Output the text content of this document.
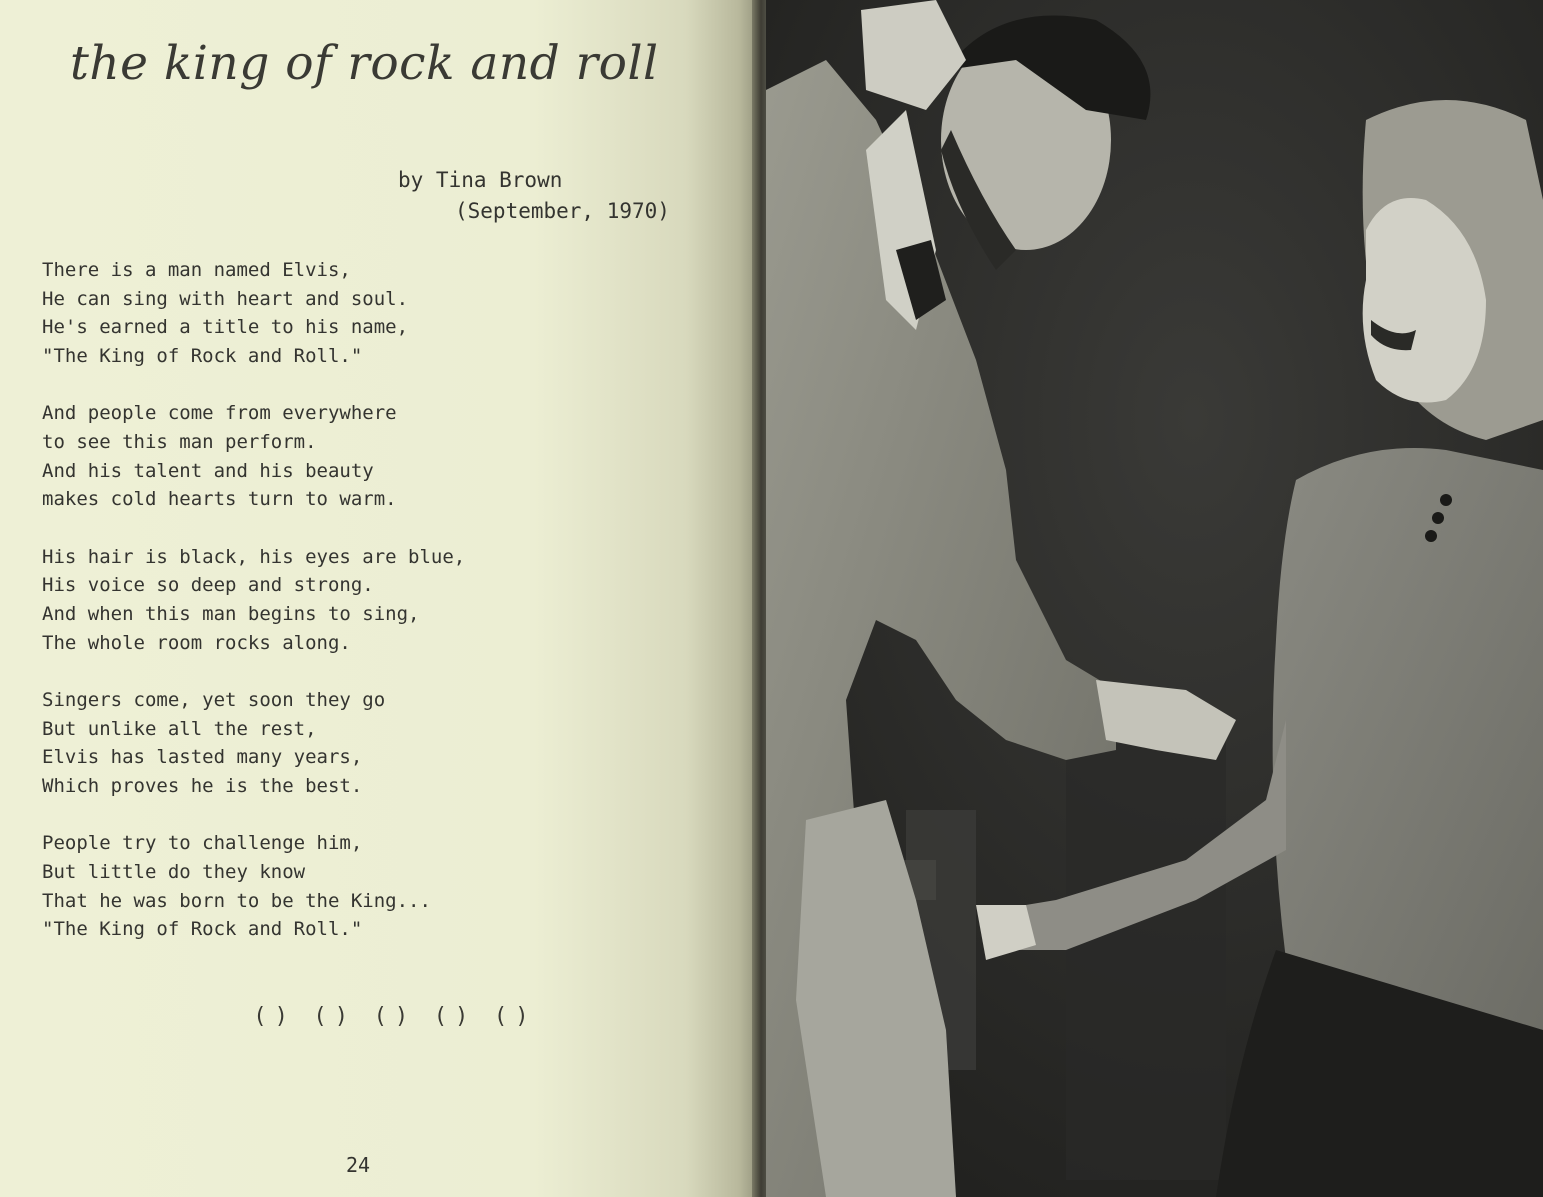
the king of rock and roll
by Tina Brown
(September, 1970)
There is a man named Elvis,
He can sing with heart and soul.
He's earned a title to his name,
"The King of Rock and Roll."
And people come from everywhere
to see this man perform.
And his talent and his beauty
makes cold hearts turn to warm.
His hair is black, his eyes are blue,
His voice so deep and strong.
And when this man begins to sing,
The whole room rocks along.
Singers come, yet soon they go
But unlike all the rest,
Elvis has lasted many years,
Which proves he is the best.
People try to challenge him,
But little do they know
That he was born to be the King...
"The King of Rock and Roll."
() () () () ()
24
